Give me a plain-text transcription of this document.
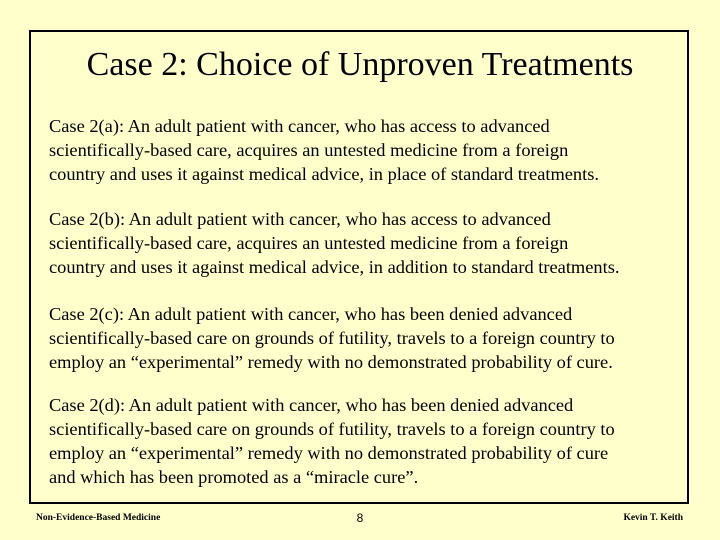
Case 2: Choice of Unproven Treatments

Case 2(a): An adult patient with cancer, who has access to advanced
scientifically-based care, acquires an untested medicine from a foreign
country and uses it against medical advice, in place of standard treatments.

Case 2(b): An adult patient with cancer, who has access to advanced
scientifically-based care, acquires an untested medicine from a foreign
country and uses it against medical advice, in addition to standard treatments.

Case 2(c): An adult patient with cancer, who has been denied advanced
scientifically-based care on grounds of futility, travels to a foreign country to
employ an “experimental” remedy with no demonstrated probability of cure.

Case 2(d): An adult patient with cancer, who has been denied advanced
scientifically-based care on grounds of futility, travels to a foreign country to
employ an “experimental” remedy with no demonstrated probability of cure
and which has been promoted as a “miracle cure”.

Non-Evidence-Based Medicine	8	Kevin T. Keith
